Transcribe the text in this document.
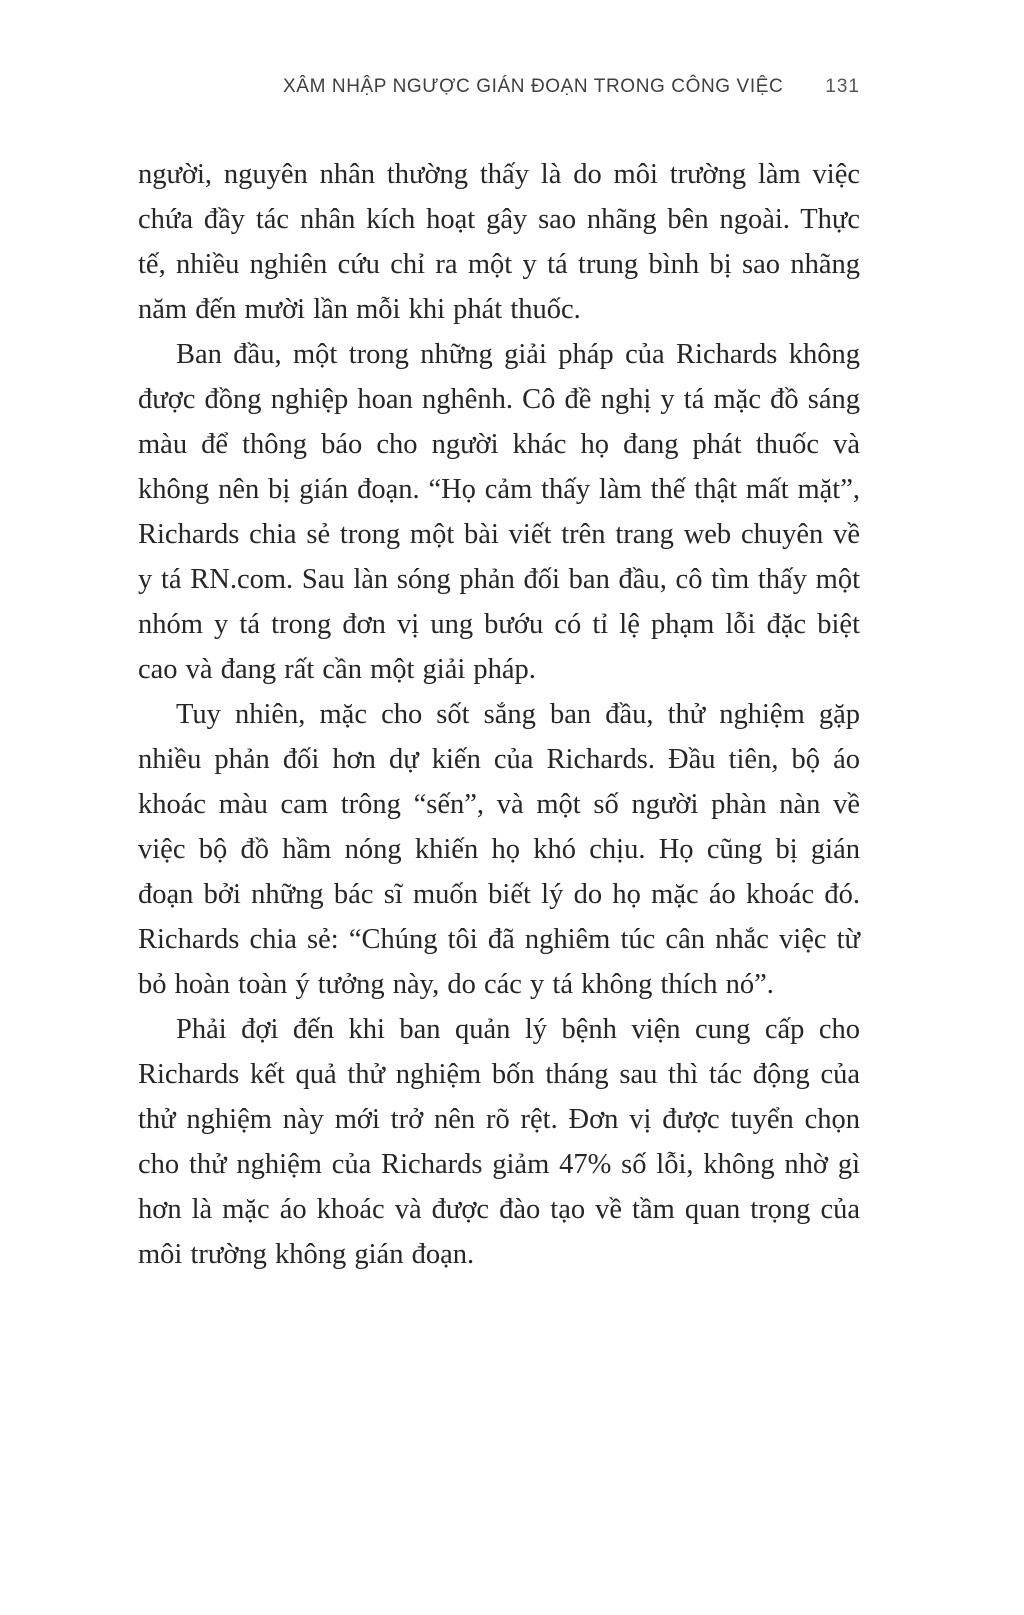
XÂM NHẬP NGƯỢC GIÁN ĐOẠN TRONG CÔNG VIỆC 131

người, nguyên nhân thường thấy là do môi trường làm việc chứa đầy tác nhân kích hoạt gây sao nhãng bên ngoài. Thực tế, nhiều nghiên cứu chỉ ra một y tá trung bình bị sao nhãng năm đến mười lần mỗi khi phát thuốc.

Ban đầu, một trong những giải pháp của Richards không được đồng nghiệp hoan nghênh. Cô đề nghị y tá mặc đồ sáng màu để thông báo cho người khác họ đang phát thuốc và không nên bị gián đoạn. “Họ cảm thấy làm thế thật mất mặt”, Richards chia sẻ trong một bài viết trên trang web chuyên về y tá RN.com. Sau làn sóng phản đối ban đầu, cô tìm thấy một nhóm y tá trong đơn vị ung bướu có tỉ lệ phạm lỗi đặc biệt cao và đang rất cần một giải pháp.

Tuy nhiên, mặc cho sốt sắng ban đầu, thử nghiệm gặp nhiều phản đối hơn dự kiến của Richards. Đầu tiên, bộ áo khoác màu cam trông “sến”, và một số người phàn nàn về việc bộ đồ hầm nóng khiến họ khó chịu. Họ cũng bị gián đoạn bởi những bác sĩ muốn biết lý do họ mặc áo khoác đó. Richards chia sẻ: “Chúng tôi đã nghiêm túc cân nhắc việc từ bỏ hoàn toàn ý tưởng này, do các y tá không thích nó”.

Phải đợi đến khi ban quản lý bệnh viện cung cấp cho Richards kết quả thử nghiệm bốn tháng sau thì tác động của thử nghiệm này mới trở nên rõ rệt. Đơn vị được tuyển chọn cho thử nghiệm của Richards giảm 47% số lỗi, không nhờ gì hơn là mặc áo khoác và được đào tạo về tầm quan trọng của môi trường không gián đoạn.
